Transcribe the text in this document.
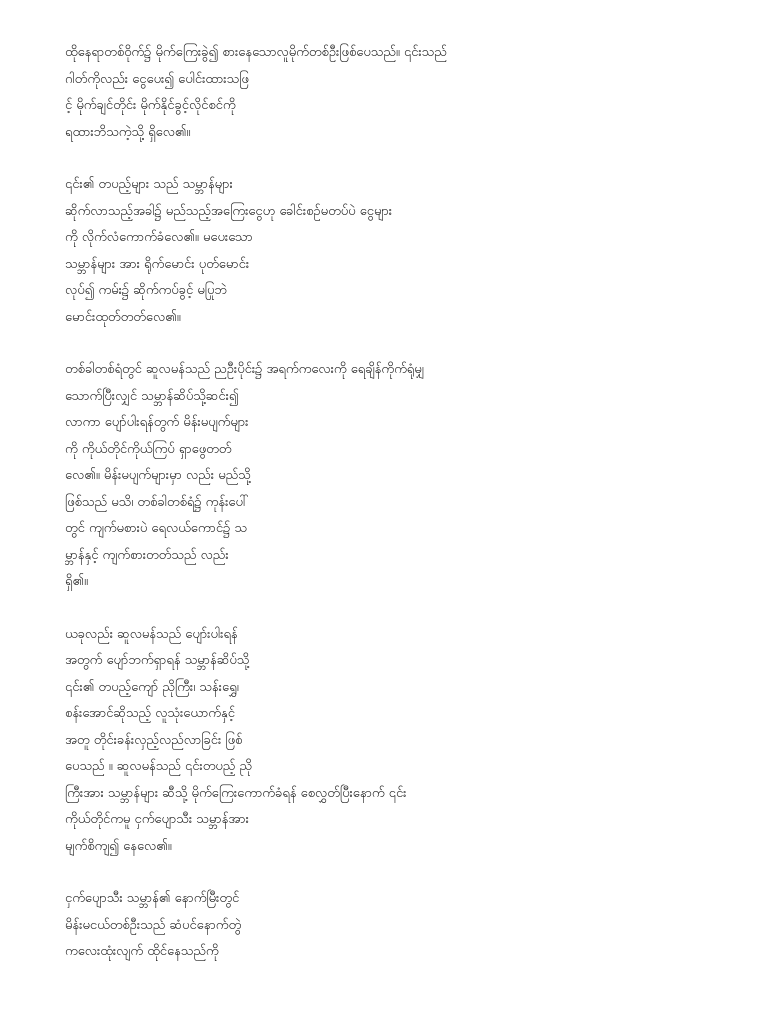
ထိုနေရာတစ်ဝိုက်၌ မိုက်ကြေးခွဲ၍ စားနေသောလူမိုက်တစ်ဦးဖြစ်ပေသည်။ ၎င်းသည်
ဂါတ်ကိုလည်း ငွေပေး၍ ပေါင်းထားသဖြ
င့် မိုက်ချင်တိုင်း မိုက်နိုင်ခွင့်လိုင်စင်ကို
ရထားဘိသကဲ့သို့ ရှိလေ၏။
၎င်း၏ တပည့်များ သည် သမ္ဘာန်များ
ဆိုက်လာသည့်အခါ၌ မည်သည့်အကြေးငွေဟု ခေါင်းစဉ်မတပ်ပဲ ငွေများ
ကို လိုက်လံကောက်ခံလေ၏။ မပေးသော
သမ္ဘာန်များ အား ရိုက်မောင်း ပုတ်မောင်း
လုပ်၍ ကမ်း၌ ဆိုက်ကပ်ခွင့် မပြုဘဲ
မောင်းထုတ်တတ်လေ၏။
တစ်ခါတစ်ရံတွင် ဆူလမန်သည် ညဦးပိုင်း၌ အရက်ကလေးကို ရေချိန်ကိုက်ရုံမျှ
သောက်ပြီးလျှင် သမ္ဘာန်ဆိပ်သို့ဆင်း၍
လာကာ ပျော်ပါးရန်တွက် မိန်းမပျက်များ
ကို ကိုယ်တိုင်ကိုယ်ကြပ် ရှာဖွေတတ်
လေ၏။ မိန်းမပျက်များမှာ လည်း မည်သို့
ဖြစ်သည် မသိ၊ တစ်ခါတစ်ရံ၌ ကုန်းပေါ်
တွင် ကျက်မစားပဲ ရေလယ်ကောင်၌ သ
မ္ဘာန်နှင့် ကျက်စားတတ်သည် လည်း
ရှိ၏။
ယခုလည်း ဆူလမန်သည် ပျော်းပါးရန်
အတွက် ပျော်ဘက်ရှာရန် သမ္ဘာန်ဆိပ်သို့
၎င်း၏ တပည့်ကျော် ညိုကြီး၊ သန်းရွှေ၊
စန်းအောင်ဆိုသည့် လူသုံးယောက်နှင့်
အတူ တိုင်းခန်းလှည့်လည်လာခြင်း ဖြစ်
ပေသည် ။ ဆူလမန်သည် ၎င်းတပည့် ညို
ကြီးအား သမ္ဘာန်များ ဆီသို့ မိုက်ကြေးကောက်ခံရန် စေလွှတ်ပြီးနောက် ၎င်း
ကိုယ်တိုင်ကမူ ငှက်ပျောသီး သမ္ဘာန်အား
မျက်စိကျ၍ နေလေ၏။
ငှက်ပျောသီး သမ္ဘာန်၏ နောက်မြီးတွင်
မိန်းမငယ်တစ်ဦးသည် ဆံပင်နောက်တွဲ
ကလေးထုံးလျက် ထိုင်နေသည်ကို
